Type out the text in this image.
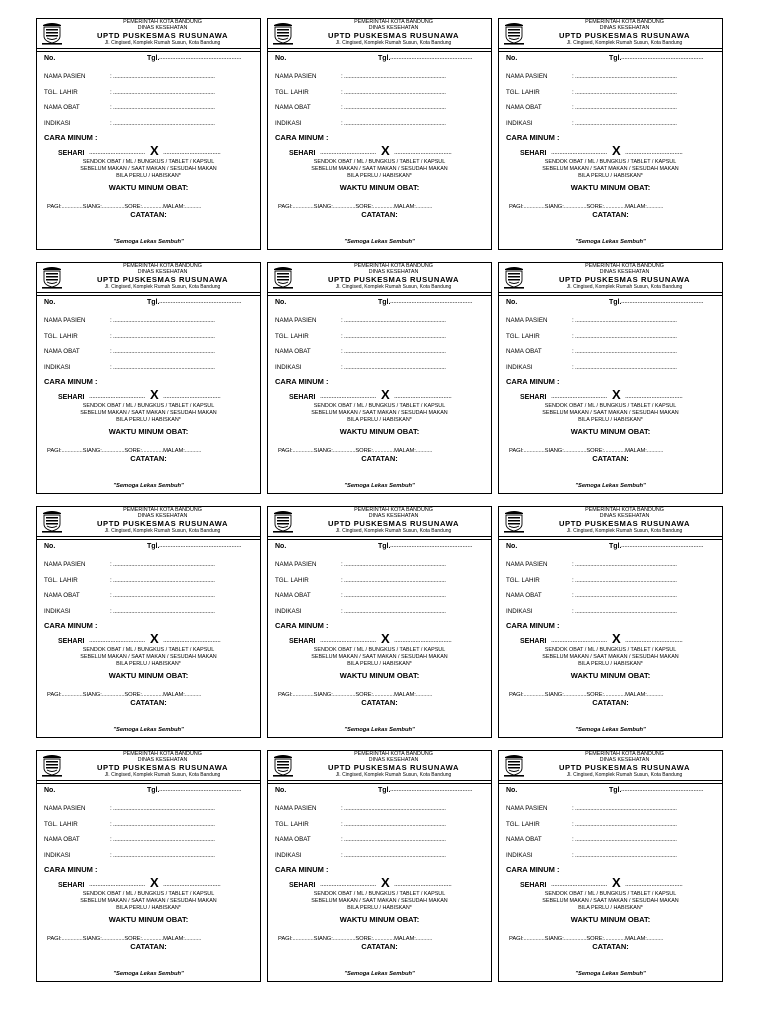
PEMERINTAH KOTA BANDUNG
DINAS KESEHATAN
UPTD PUSKESMAS RUSUNAWA
Jl. Cingised, Komplek Rumah Susun, Kota Bandung
No.	Tgl. ..................................................
NAMA PASIEN	: ...................................................................
TGL. LAHIR	: ...................................................................
NAMA OBAT	: ...................................................................
INDIKASI	: ...................................................................
CARA MINUM :
SEHARI .................................. X ...................................
SENDOK OBAT / ML / BUNGKUS / TABLET / KAPSUL
SEBELUM MAKAN / SAAT MAKAN / SESUDAH MAKAN
BILA PERLU / HABISKAN*
WAKTU MINUM OBAT:
PAGI:..............SIANG:...............SORE:..............MALAM:...........
CATATAN:
"Semoga Lekas Sembuh"
PEMERINTAH KOTA BANDUNG
DINAS KESEHATAN
UPTD PUSKESMAS RUSUNAWA
Jl. Cingised, Komplek Rumah Susun, Kota Bandung
No.	Tgl. ..................................................
NAMA PASIEN	: ...................................................................
TGL. LAHIR	: ...................................................................
NAMA OBAT	: ...................................................................
INDIKASI	: ...................................................................
CARA MINUM :
SEHARI .................................. X ...................................
SENDOK OBAT / ML / BUNGKUS / TABLET / KAPSUL
SEBELUM MAKAN / SAAT MAKAN / SESUDAH MAKAN
BILA PERLU / HABISKAN*
WAKTU MINUM OBAT:
PAGI:..............SIANG:...............SORE:..............MALAM:...........
CATATAN:
"Semoga Lekas Sembuh"
PEMERINTAH KOTA BANDUNG
DINAS KESEHATAN
UPTD PUSKESMAS RUSUNAWA
Jl. Cingised, Komplek Rumah Susun, Kota Bandung
No.	Tgl. ..................................................
NAMA PASIEN	: ...................................................................
TGL. LAHIR	: ...................................................................
NAMA OBAT	: ...................................................................
INDIKASI	: ...................................................................
CARA MINUM :
SEHARI .................................. X ...................................
SENDOK OBAT / ML / BUNGKUS / TABLET / KAPSUL
SEBELUM MAKAN / SAAT MAKAN / SESUDAH MAKAN
BILA PERLU / HABISKAN*
WAKTU MINUM OBAT:
PAGI:..............SIANG:...............SORE:..............MALAM:...........
CATATAN:
"Semoga Lekas Sembuh"
PEMERINTAH KOTA BANDUNG
DINAS KESEHATAN
UPTD PUSKESMAS RUSUNAWA
Jl. Cingised, Komplek Rumah Susun, Kota Bandung
No.	Tgl. ..................................................
NAMA PASIEN	: ...................................................................
TGL. LAHIR	: ...................................................................
NAMA OBAT	: ...................................................................
INDIKASI	: ...................................................................
CARA MINUM :
SEHARI .................................. X ...................................
SENDOK OBAT / ML / BUNGKUS / TABLET / KAPSUL
SEBELUM MAKAN / SAAT MAKAN / SESUDAH MAKAN
BILA PERLU / HABISKAN*
WAKTU MINUM OBAT:
PAGI:..............SIANG:...............SORE:..............MALAM:...........
CATATAN:
"Semoga Lekas Sembuh"
PEMERINTAH KOTA BANDUNG
DINAS KESEHATAN
UPTD PUSKESMAS RUSUNAWA
Jl. Cingised, Komplek Rumah Susun, Kota Bandung
No.	Tgl. ..................................................
NAMA PASIEN	: ...................................................................
TGL. LAHIR	: ...................................................................
NAMA OBAT	: ...................................................................
INDIKASI	: ...................................................................
CARA MINUM :
SEHARI .................................. X ...................................
SENDOK OBAT / ML / BUNGKUS / TABLET / KAPSUL
SEBELUM MAKAN / SAAT MAKAN / SESUDAH MAKAN
BILA PERLU / HABISKAN*
WAKTU MINUM OBAT:
PAGI:..............SIANG:...............SORE:..............MALAM:...........
CATATAN:
"Semoga Lekas Sembuh"
PEMERINTAH KOTA BANDUNG
DINAS KESEHATAN
UPTD PUSKESMAS RUSUNAWA
Jl. Cingised, Komplek Rumah Susun, Kota Bandung
No.	Tgl. ..................................................
NAMA PASIEN	: ...................................................................
TGL. LAHIR	: ...................................................................
NAMA OBAT	: ...................................................................
INDIKASI	: ...................................................................
CARA MINUM :
SEHARI .................................. X ...................................
SENDOK OBAT / ML / BUNGKUS / TABLET / KAPSUL
SEBELUM MAKAN / SAAT MAKAN / SESUDAH MAKAN
BILA PERLU / HABISKAN*
WAKTU MINUM OBAT:
PAGI:..............SIANG:...............SORE:..............MALAM:...........
CATATAN:
"Semoga Lekas Sembuh"
PEMERINTAH KOTA BANDUNG
DINAS KESEHATAN
UPTD PUSKESMAS RUSUNAWA
Jl. Cingised, Komplek Rumah Susun, Kota Bandung
No.	Tgl. ..................................................
NAMA PASIEN	: ...................................................................
TGL. LAHIR	: ...................................................................
NAMA OBAT	: ...................................................................
INDIKASI	: ...................................................................
CARA MINUM :
SEHARI .................................. X ...................................
SENDOK OBAT / ML / BUNGKUS / TABLET / KAPSUL
SEBELUM MAKAN / SAAT MAKAN / SESUDAH MAKAN
BILA PERLU / HABISKAN*
WAKTU MINUM OBAT:
PAGI:..............SIANG:...............SORE:..............MALAM:...........
CATATAN:
"Semoga Lekas Sembuh"
PEMERINTAH KOTA BANDUNG
DINAS KESEHATAN
UPTD PUSKESMAS RUSUNAWA
Jl. Cingised, Komplek Rumah Susun, Kota Bandung
No.	Tgl. ..................................................
NAMA PASIEN	: ...................................................................
TGL. LAHIR	: ...................................................................
NAMA OBAT	: ...................................................................
INDIKASI	: ...................................................................
CARA MINUM :
SEHARI .................................. X ...................................
SENDOK OBAT / ML / BUNGKUS / TABLET / KAPSUL
SEBELUM MAKAN / SAAT MAKAN / SESUDAH MAKAN
BILA PERLU / HABISKAN*
WAKTU MINUM OBAT:
PAGI:..............SIANG:...............SORE:..............MALAM:...........
CATATAN:
"Semoga Lekas Sembuh"
PEMERINTAH KOTA BANDUNG
DINAS KESEHATAN
UPTD PUSKESMAS RUSUNAWA
Jl. Cingised, Komplek Rumah Susun, Kota Bandung
No.	Tgl. ..................................................
NAMA PASIEN	: ...................................................................
TGL. LAHIR	: ...................................................................
NAMA OBAT	: ...................................................................
INDIKASI	: ...................................................................
CARA MINUM :
SEHARI .................................. X ...................................
SENDOK OBAT / ML / BUNGKUS / TABLET / KAPSUL
SEBELUM MAKAN / SAAT MAKAN / SESUDAH MAKAN
BILA PERLU / HABISKAN*
WAKTU MINUM OBAT:
PAGI:..............SIANG:...............SORE:..............MALAM:...........
CATATAN:
"Semoga Lekas Sembuh"
PEMERINTAH KOTA BANDUNG
DINAS KESEHATAN
UPTD PUSKESMAS RUSUNAWA
Jl. Cingised, Komplek Rumah Susun, Kota Bandung
No.	Tgl. ..................................................
NAMA PASIEN	: ...................................................................
TGL. LAHIR	: ...................................................................
NAMA OBAT	: ...................................................................
INDIKASI	: ...................................................................
CARA MINUM :
SEHARI .................................. X ...................................
SENDOK OBAT / ML / BUNGKUS / TABLET / KAPSUL
SEBELUM MAKAN / SAAT MAKAN / SESUDAH MAKAN
BILA PERLU / HABISKAN*
WAKTU MINUM OBAT:
PAGI:..............SIANG:...............SORE:..............MALAM:...........
CATATAN:
"Semoga Lekas Sembuh"
PEMERINTAH KOTA BANDUNG
DINAS KESEHATAN
UPTD PUSKESMAS RUSUNAWA
Jl. Cingised, Komplek Rumah Susun, Kota Bandung
No.	Tgl. ..................................................
NAMA PASIEN	: ...................................................................
TGL. LAHIR	: ...................................................................
NAMA OBAT	: ...................................................................
INDIKASI	: ...................................................................
CARA MINUM :
SEHARI .................................. X ...................................
SENDOK OBAT / ML / BUNGKUS / TABLET / KAPSUL
SEBELUM MAKAN / SAAT MAKAN / SESUDAH MAKAN
BILA PERLU / HABISKAN*
WAKTU MINUM OBAT:
PAGI:..............SIANG:...............SORE:..............MALAM:...........
CATATAN:
"Semoga Lekas Sembuh"
PEMERINTAH KOTA BANDUNG
DINAS KESEHATAN
UPTD PUSKESMAS RUSUNAWA
Jl. Cingised, Komplek Rumah Susun, Kota Bandung
No.	Tgl. ..................................................
NAMA PASIEN	: ...................................................................
TGL. LAHIR	: ...................................................................
NAMA OBAT	: ...................................................................
INDIKASI	: ...................................................................
CARA MINUM :
SEHARI .................................. X ...................................
SENDOK OBAT / ML / BUNGKUS / TABLET / KAPSUL
SEBELUM MAKAN / SAAT MAKAN / SESUDAH MAKAN
BILA PERLU / HABISKAN*
WAKTU MINUM OBAT:
PAGI:..............SIANG:...............SORE:..............MALAM:...........
CATATAN:
"Semoga Lekas Sembuh"
